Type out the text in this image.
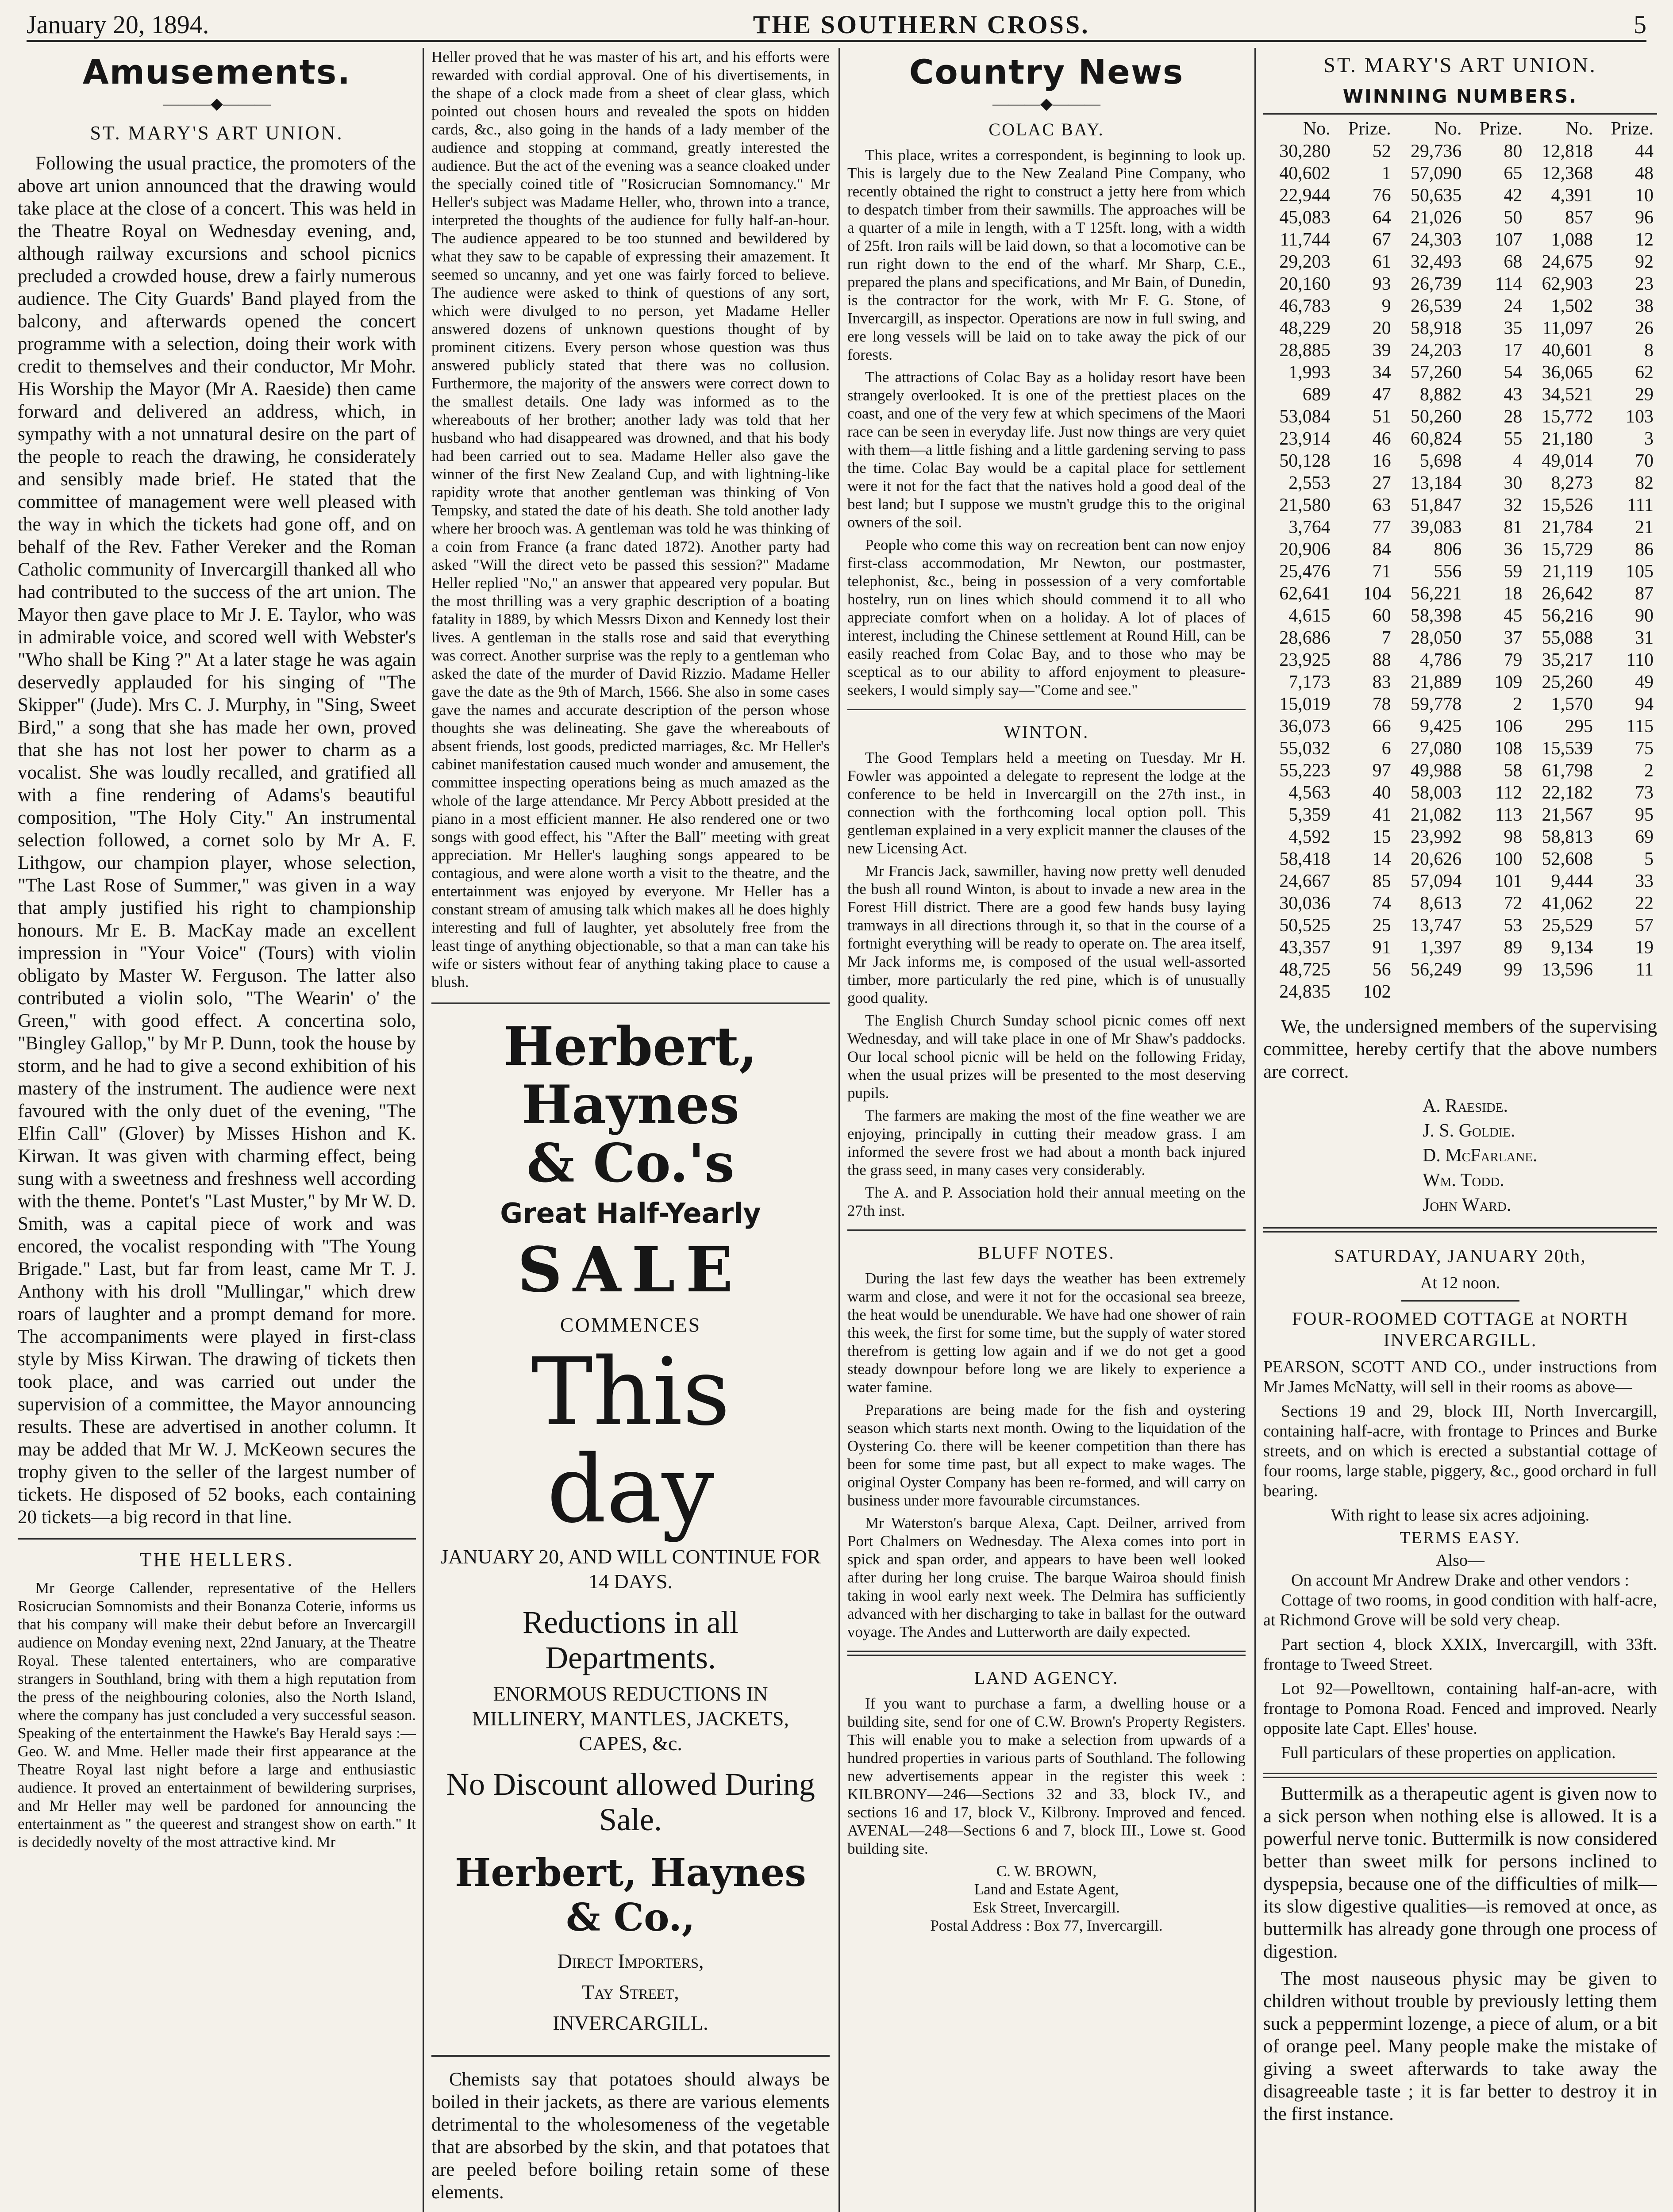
January 20, 1894.	THE SOUTHERN CROSS.	5
Amusements.
———◆———
ST. MARY'S ART UNION.

Following the usual practice, the promoters of the above art union announced that the drawing would take place at the close of a concert. This was held in the Theatre Royal on Wednesday evening, and, although railway excursions and school picnics precluded a crowded house, drew a fairly numerous audience. The City Guards' Band played from the balcony, and afterwards opened the concert programme with a selection, doing their work with credit to themselves and their conductor, Mr Mohr. His Worship the Mayor (Mr A. Raeside) then came forward and delivered an address, which, in sympathy with a not unnatural desire on the part of the people to reach the drawing, he considerately and sensibly made brief. He stated that the committee of management were well pleased with the way in which the tickets had gone off, and on behalf of the Rev. Father Vereker and the Roman Catholic community of Invercargill thanked all who had contributed to the success of the art union. The Mayor then gave place to Mr J. E. Taylor, who was in admirable voice, and scored well with Webster's "Who shall be King ?" At a later stage he was again deservedly applauded for his singing of "The Skipper" (Jude). Mrs C. J. Murphy, in "Sing, Sweet Bird," a song that she has made her own, proved that she has not lost her power to charm as a vocalist. She was loudly recalled, and gratified all with a fine rendering of Adams's beautiful composition, "The Holy City." An instrumental selection followed, a cornet solo by Mr A. F. Lithgow, our champion player, whose selection, "The Last Rose of Summer," was given in a way that amply justified his right to championship honours. Mr E. B. MacKay made an excellent impression in "Your Voice" (Tours) with violin obligato by Master W. Ferguson. The latter also contributed a violin solo, "The Wearin' o' the Green," with good effect. A concertina solo, "Bingley Gallop," by Mr P. Dunn, took the house by storm, and he had to give a second exhibition of his mastery of the instrument. The audience were next favoured with the only duet of the evening, "The Elfin Call" (Glover) by Misses Hishon and K. Kirwan. It was given with charming effect, being sung with a sweetness and freshness well according with the theme. Pontet's "Last Muster," by Mr W. D. Smith, was a capital piece of work and was encored, the vocalist responding with "The Young Brigade." Last, but far from least, came Mr T. J. Anthony with his droll "Mullingar," which drew roars of laughter and a prompt demand for more. The accompaniments were played in first-class style by Miss Kirwan. The drawing of tickets then took place, and was carried out under the supervision of a committee, the Mayor announcing results. These are advertised in another column. It may be added that Mr W. J. McKeown secures the trophy given to the seller of the largest number of tickets. He disposed of 52 books, each containing 20 tickets—a big record in that line.

THE HELLERS.

Mr George Callender, representative of the Hellers Rosicrucian Somnomists and their Bonanza Coterie, informs us that his company will make their debut before an Invercargill audience on Monday evening next, 22nd January, at the Theatre Royal. These talented entertainers, who are comparative strangers in Southland, bring with them a high reputation from the press of the neighbouring colonies, also the North Island, where the company has just concluded a very successful season. Speaking of the entertainment the Hawke's Bay Herald says :—Geo. W. and Mme. Heller made their first appearance at the Theatre Royal last night before a large and enthusiastic audience. It proved an entertainment of bewildering surprises, and Mr Heller may well be pardoned for announcing the entertainment as " the queerest and strangest show on earth." It is decidedly novelty of the most attractive kind. Mr

Heller proved that he was master of his art, and his efforts were rewarded with cordial approval. One of his divertisements, in the shape of a clock made from a sheet of clear glass, which pointed out chosen hours and revealed the spots on hidden cards, &c., also going in the hands of a lady member of the audience and stopping at command, greatly interested the audience. But the act of the evening was a seance cloaked under the specially coined title of "Rosicrucian Somnomancy." Mr Heller's subject was Madame Heller, who, thrown into a trance, interpreted the thoughts of the audience for fully half-an-hour. The audience appeared to be too stunned and bewildered by what they saw to be capable of expressing their amazement. It seemed so uncanny, and yet one was fairly forced to believe. The audience were asked to think of questions of any sort, which were divulged to no person, yet Madame Heller answered dozens of unknown questions thought of by prominent citizens. Every person whose question was thus answered publicly stated that there was no collusion. Furthermore, the majority of the answers were correct down to the smallest details. One lady was informed as to the whereabouts of her brother; another lady was told that her husband who had disappeared was drowned, and that his body had been carried out to sea. Madame Heller also gave the winner of the first New Zealand Cup, and with lightning-like rapidity wrote that another gentleman was thinking of Von Tempsky, and stated the date of his death. She told another lady where her brooch was. A gentleman was told he was thinking of a coin from France (a franc dated 1872). Another party had asked "Will the direct veto be passed this session?" Madame Heller replied "No," an answer that appeared very popular. But the most thrilling was a very graphic description of a boating fatality in 1889, by which Messrs Dixon and Kennedy lost their lives. A gentleman in the stalls rose and said that everything was correct. Another surprise was the reply to a gentleman who asked the date of the murder of David Rizzio. Madame Heller gave the date as the 9th of March, 1566. She also in some cases gave the names and accurate description of the person whose thoughts she was delineating. She gave the whereabouts of absent friends, lost goods, predicted marriages, &c. Mr Heller's cabinet manifestation caused much wonder and amusement, the committee inspecting operations being as much amazed as the whole of the large attendance. Mr Percy Abbott presided at the piano in a most efficient manner. He also rendered one or two songs with good effect, his "After the Ball" meeting with great appreciation. Mr Heller's laughing songs appeared to be contagious, and were alone worth a visit to the theatre, and the entertainment was enjoyed by everyone. Mr Heller has a constant stream of amusing talk which makes all he does highly interesting and full of laughter, yet absolutely free from the least tinge of anything objectionable, so that a man can take his wife or sisters without fear of anything taking place to cause a blush.

Herbert,
Haynes
& Co.'s
Great Half-Yearly
SALE
COMMENCES
This day
JANUARY 20, AND WILL CONTINUE FOR 14 DAYS.
Reductions in all Departments.
ENORMOUS REDUCTIONS IN MILLINERY, MANTLES, JACKETS, CAPES, &c.
No Discount allowed During Sale.
Herbert, Haynes & Co.,
Direct Importers,
Tay Street,
INVERCARGILL.

Chemists say that potatoes should always be boiled in their jackets, as there are various elements detrimental to the wholesomeness of the vegetable that are absorbed by the skin, and that potatoes that are peeled before boiling retain some of these elements.

Country News
———◆———
COLAC BAY.

This place, writes a correspondent, is beginning to look up. This is largely due to the New Zealand Pine Company, who recently obtained the right to construct a jetty here from which to despatch timber from their sawmills. The approaches will be a quarter of a mile in length, with a T 125ft. long, with a width of 25ft. Iron rails will be laid down, so that a locomotive can be run right down to the end of the wharf. Mr Sharp, C.E., prepared the plans and specifications, and Mr Bain, of Dunedin, is the contractor for the work, with Mr F. G. Stone, of Invercargill, as inspector. Operations are now in full swing, and ere long vessels will be laid on to take away the pick of our forests.

The attractions of Colac Bay as a holiday resort have been strangely overlooked. It is one of the prettiest places on the coast, and one of the very few at which specimens of the Maori race can be seen in everyday life. Just now things are very quiet with them—a little fishing and a little gardening serving to pass the time. Colac Bay would be a capital place for settlement were it not for the fact that the natives hold a good deal of the best land; but I suppose we mustn't grudge this to the original owners of the soil.

People who come this way on recreation bent can now enjoy first-class accommodation, Mr Newton, our postmaster, telephonist, &c., being in possession of a very comfortable hostelry, run on lines which should commend it to all who appreciate comfort when on a holiday. A lot of places of interest, including the Chinese settlement at Round Hill, can be easily reached from Colac Bay, and to those who may be sceptical as to our ability to afford enjoyment to pleasure-seekers, I would simply say—"Come and see."

WINTON.

The Good Templars held a meeting on Tuesday. Mr H. Fowler was appointed a delegate to represent the lodge at the conference to be held in Invercargill on the 27th inst., in connection with the forthcoming local option poll. This gentleman explained in a very explicit manner the clauses of the new Licensing Act.

Mr Francis Jack, sawmiller, having now pretty well denuded the bush all round Winton, is about to invade a new area in the Forest Hill district. There are a good few hands busy laying tramways in all directions through it, so that in the course of a fortnight everything will be ready to operate on. The area itself, Mr Jack informs me, is composed of the usual well-assorted timber, more particularly the red pine, which is of unusually good quality.

The English Church Sunday school picnic comes off next Wednesday, and will take place in one of Mr Shaw's paddocks. Our local school picnic will be held on the following Friday, when the usual prizes will be presented to the most deserving pupils.

The farmers are making the most of the fine weather we are enjoying, principally in cutting their meadow grass. I am informed the severe frost we had about a month back injured the grass seed, in many cases very considerably.

The A. and P. Association hold their annual meeting on the 27th inst.

BLUFF NOTES.

During the last few days the weather has been extremely warm and close, and were it not for the occasional sea breeze, the heat would be unendurable. We have had one shower of rain this week, the first for some time, but the supply of water stored therefrom is getting low again and if we do not get a good steady downpour before long we are likely to experience a water famine.

Preparations are being made for the fish and oystering season which starts next month. Owing to the liquidation of the Oystering Co. there will be keener competition than there has been for some time past, but all expect to make wages. The original Oyster Company has been re-formed, and will carry on business under more favourable circumstances.

Mr Waterston's barque Alexa, Capt. Deilner, arrived from Port Chalmers on Wednesday. The Alexa comes into port in spick and span order, and appears to have been well looked after during her long cruise. The barque Wairoa should finish taking in wool early next week. The Delmira has sufficiently advanced with her discharging to take in ballast for the outward voyage. The Andes and Lutterworth are daily expected.

LAND AGENCY.

If you want to purchase a farm, a dwelling house or a building site, send for one of C.W. Brown's Property Registers. This will enable you to make a selection from upwards of a hundred properties in various parts of Southland. The following new advertisements appear in the register this week : KILBRONY—246—Sections 32 and 33, block IV., and sections 16 and 17, block V., Kilbrony. Improved and fenced. AVENAL—248—Sections 6 and 7, block III., Lowe st. Good building site.

C. W. BROWN,
Land and Estate Agent,
Esk Street, Invercargill.
Postal Address : Box 77, Invercargill.
ST. MARY'S ART UNION.
WINNING NUMBERS.
No.	Prize.	No.	Prize.	No.	Prize.
30,280	52	29,736	80	12,818	44
40,602	1	57,090	65	12,368	48
22,944	76	50,635	42	4,391	10
45,083	64	21,026	50	857	96
11,744	67	24,303	107	1,088	12
29,203	61	32,493	68	24,675	92
20,160	93	26,739	114	62,903	23
46,783	9	26,539	24	1,502	38
48,229	20	58,918	35	11,097	26
28,885	39	24,203	17	40,601	8
1,993	34	57,260	54	36,065	62
689	47	8,882	43	34,521	29
53,084	51	50,260	28	15,772	103
23,914	46	60,824	55	21,180	3
50,128	16	5,698	4	49,014	70
2,553	27	13,184	30	8,273	82
21,580	63	51,847	32	15,526	111
3,764	77	39,083	81	21,784	21
20,906	84	806	36	15,729	86
25,476	71	556	59	21,119	105
62,641	104	56,221	18	26,642	87
4,615	60	58,398	45	56,216	90
28,686	7	28,050	37	55,088	31
23,925	88	4,786	79	35,217	110
7,173	83	21,889	109	25,260	49
15,019	78	59,778	2	1,570	94
36,073	66	9,425	106	295	115
55,032	6	27,080	108	15,539	75
55,223	97	49,988	58	61,798	2
4,563	40	58,003	112	22,182	73
5,359	41	21,082	113	21,567	95
4,592	15	23,992	98	58,813	69
58,418	14	20,626	100	52,608	5
24,667	85	57,094	101	9,444	33
30,036	74	8,613	72	41,062	22
50,525	25	13,747	53	25,529	57
43,357	91	1,397	89	9,134	19
48,725	56	56,249	99	13,596	11
24,835	102				

We, the undersigned members of the supervising committee, hereby certify that the above numbers are correct.

A. Raeside.
J. S. Goldie.
D. McFarlane.
Wm. Todd.
John Ward.
SATURDAY, JANUARY 20th,
At 12 noon.
FOUR-ROOMED COTTAGE at NORTH INVERCARGILL.

PEARSON, SCOTT AND CO., under instructions from Mr James McNatty, will sell in their rooms as above—

Sections 19 and 29, block III, North Invercargill, containing half-acre, with frontage to Princes and Burke streets, and on which is erected a substantial cottage of four rooms, large stable, piggery, &c., good orchard in full bearing.

With right to lease six acres adjoining.
TERMS EASY.
Also—
On account Mr Andrew Drake and other vendors :

Cottage of two rooms, in good condition with half-acre, at Richmond Grove will be sold very cheap.

Part section 4, block XXIX, Invercargill, with 33ft. frontage to Tweed Street.

Lot 92—Powelltown, containing half-an-acre, with frontage to Pomona Road. Fenced and improved. Nearly opposite late Capt. Elles' house.

Full particulars of these properties on application.

Buttermilk as a therapeutic agent is given now to a sick person when nothing else is allowed. It is a powerful nerve tonic. Buttermilk is now considered better than sweet milk for persons inclined to dyspepsia, because one of the difficulties of milk—its slow digestive qualities—is removed at once, as buttermilk has already gone through one process of digestion.

The most nauseous physic may be given to children without trouble by previously letting them suck a peppermint lozenge, a piece of alum, or a bit of orange peel. Many people make the mistake of giving a sweet afterwards to take away the disagreeable taste ; it is far better to destroy it in the first instance.
